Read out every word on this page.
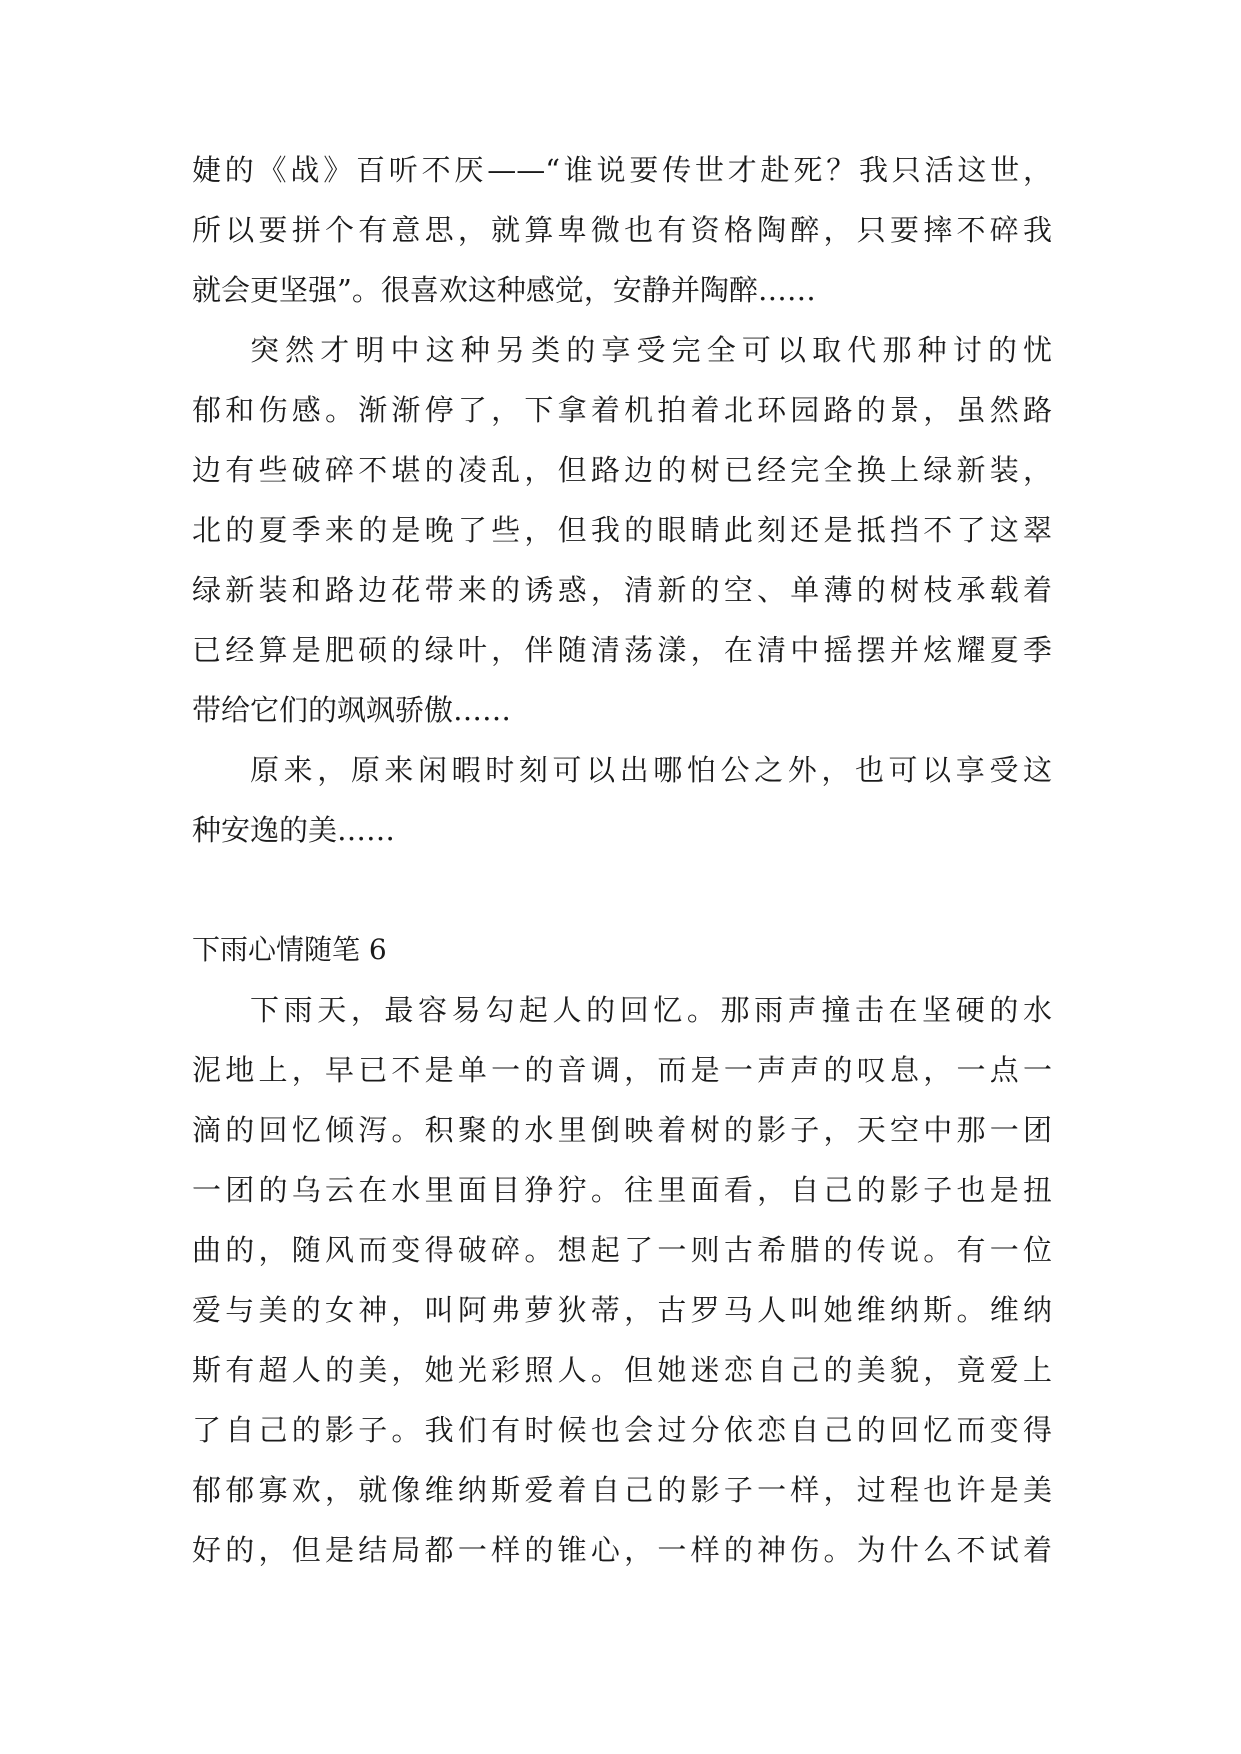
婕的《战》百听不厌——“谁说要传世才赴死？我只活这世，
所以要拼个有意思，就算卑微也有资格陶醉，只要摔不碎我
就会更坚强”。很喜欢这种感觉，安静并陶醉……
突然才明中这种另类的享受完全可以取代那种讨的忧
郁和伤感。渐渐停了，下拿着机拍着北环园路的景，虽然路
边有些破碎不堪的凌乱，但路边的树已经完全换上绿新装，
北的夏季来的是晚了些，但我的眼睛此刻还是抵挡不了这翠
绿新装和路边花带来的诱惑，清新的空、单薄的树枝承载着
已经算是肥硕的绿叶，伴随清荡漾，在清中摇摆并炫耀夏季
带给它们的飒飒骄傲……
原来，原来闲暇时刻可以出哪怕公之外，也可以享受这
种安逸的美……
下雨心情随笔 6
下雨天，最容易勾起人的回忆。那雨声撞击在坚硬的水
泥地上，早已不是单一的音调，而是一声声的叹息，一点一
滴的回忆倾泻。积聚的水里倒映着树的影子，天空中那一团
一团的乌云在水里面目狰狞。往里面看，自己的影子也是扭
曲的，随风而变得破碎。想起了一则古希腊的传说。有一位
爱与美的女神，叫阿弗萝狄蒂，古罗马人叫她维纳斯。维纳
斯有超人的美，她光彩照人。但她迷恋自己的美貌，竟爱上
了自己的影子。我们有时候也会过分依恋自己的回忆而变得
郁郁寡欢，就像维纳斯爱着自己的影子一样，过程也许是美
好的，但是结局都一样的锥心，一样的神伤。为什么不试着
